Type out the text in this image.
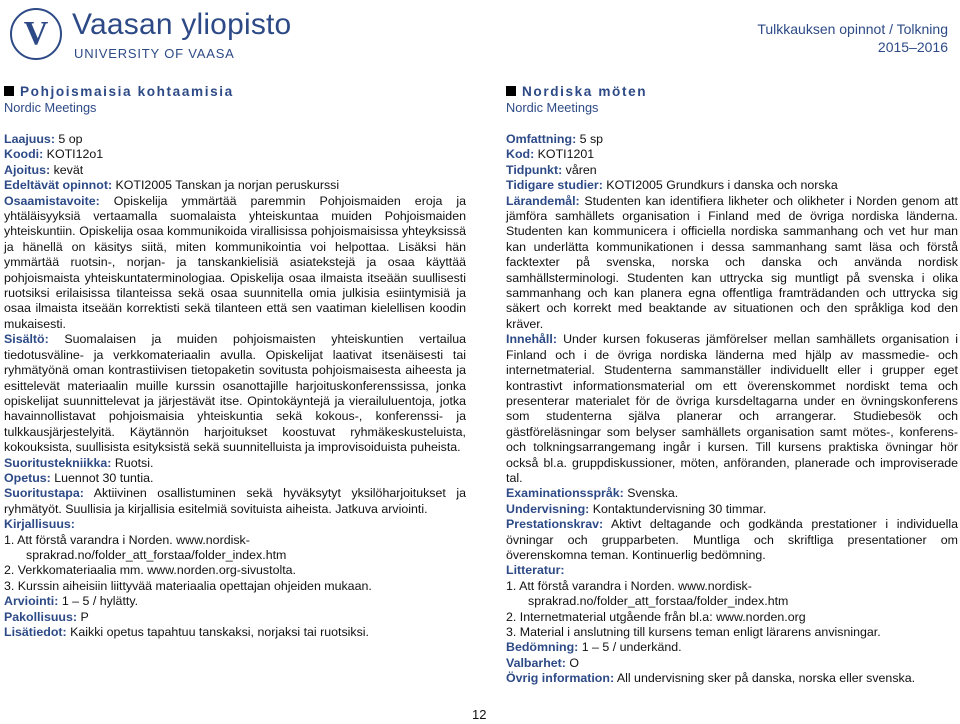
V Vaasan yliopisto
UNIVERSITY OF VAASA
Tulkkauksen opinnot / Tolkning
2015–2016
Pohjoismaisia kohtaamisia
Nordic Meetings

Laajuus: 5 op

Koodi: KOTI12o1

Ajoitus: kevät

Edeltävät opinnot: KOTI2005 Tanskan ja norjan peruskurssi

Osaamistavoite: Opiskelija ymmärtää paremmin Pohjoismaiden eroja ja yhtäläisyyksiä vertaamalla suomalaista yhteiskuntaa muiden Pohjoismaiden yhteiskuntiin. Opiskelija osaa kommunikoida virallisissa pohjoismaisissa yhteyksissä ja hänellä on käsitys siitä, miten kommunikointia voi helpottaa. Lisäksi hän ymmärtää ruotsin-, norjan- ja tanskankielisiä asiatekstejä ja osaa käyttää pohjoismaista yhteiskuntaterminologiaa. Opiskelija osaa ilmaista itseään suullisesti ruotsiksi erilaisissa tilanteissa sekä osaa suunnitella omia julkisia esiintymisiä ja osaa ilmaista itseään korrektisti sekä tilanteen että sen vaatiman kielellisen koodin mukaisesti.

Sisältö: Suomalaisen ja muiden pohjoismaisten yhteiskuntien vertailua tiedotusväline- ja verkkomateriaalin avulla. Opiskelijat laativat itsenäisesti tai ryhmätyönä oman kontrastiivisen tietopaketin sovitusta pohjoismaisesta aiheesta ja esittelevät materiaalin muille kurssin osanottajille harjoituskonferenssissa, jonka opiskelijat suunnittelevat ja järjestävät itse. Opintokäyntejä ja vierailuluentoja, jotka havainnollistavat pohjoismaisia yhteiskuntia sekä kokous-, konferenssi- ja tulkkausjärjestelyitä. Käytännön harjoitukset koostuvat ryhmäkeskusteluista, kokouksista, suullisista esityksistä sekä suunnitelluista ja improvisoiduista puheista.

Suoritustekniikka: Ruotsi.

Opetus: Luennot 30 tuntia.

Suoritustapa: Aktiivinen osallistuminen sekä hyväksytyt yksilöharjoitukset ja ryhmätyöt. Suullisia ja kirjallisia esitelmiä sovituista aiheista. Jatkuva arviointi.

Kirjallisuus:

1. Att förstå varandra i Norden. www.nordisk-sprakrad.no/folder_att_forstaa/folder_index.htm
2. Verkkomateriaalia mm. www.norden.org-sivustolta.
3. Kurssin aiheisiin liittyvää materiaalia opettajan ohjeiden mukaan.

Arviointi: 1 – 5 / hylätty.

Pakollisuus: P

Lisätiedot: Kaikki opetus tapahtuu tanskaksi, norjaksi tai ruotsiksi.

Nordiska möten
Nordic Meetings

Omfattning: 5 sp

Kod: KOTI1201

Tidpunkt: våren

Tidigare studier: KOTI2005 Grundkurs i danska och norska

Lärandemål: Studenten kan identifiera likheter och olikheter i Norden genom att jämföra samhällets organisation i Finland med de övriga nordiska länderna. Studenten kan kommunicera i officiella nordiska sammanhang och vet hur man kan underlätta kommunikationen i dessa sammanhang samt läsa och förstå facktexter på svenska, norska och danska och använda nordisk samhällsterminologi. Studenten kan uttrycka sig muntligt på svenska i olika sammanhang och kan planera egna offentliga framträdanden och uttrycka sig säkert och korrekt med beaktande av situationen och den språkliga kod den kräver.

Innehåll: Under kursen fokuseras jämförelser mellan samhällets organisation i Finland och i de övriga nordiska länderna med hjälp av massmedie- och internetmaterial. Studenterna sammanställer individuellt eller i grupper eget kontrastivt informationsmaterial om ett överenskommet nordiskt tema och presenterar materialet för de övriga kursdeltagarna under en övningskonferens som studenterna själva planerar och arrangerar. Studiebesök och gästföreläsningar som belyser samhällets organisation samt mötes-, konferens- och tolkningsarrangemang ingår i kursen. Till kursens praktiska övningar hör också bl.a. gruppdiskussioner, möten, anföranden, planerade och improviserade tal.

Examinationsspråk: Svenska.

Undervisning: Kontaktundervisning 30 timmar.

Prestationskrav: Aktivt deltagande och godkända prestationer i individuella övningar och grupparbeten. Muntliga och skriftliga presentationer om överenskomna teman. Kontinuerlig bedömning.

Litteratur:

1. Att förstå varandra i Norden. www.nordisk-sprakrad.no/folder_att_forstaa/folder_index.htm
2. Internetmaterial utgående från bl.a: www.norden.org
3. Material i anslutning till kursens teman enligt lärarens anvisningar.

Bedömning: 1 – 5 / underkänd.

Valbarhet: O

Övrig information: All undervisning sker på danska, norska eller svenska.

12
